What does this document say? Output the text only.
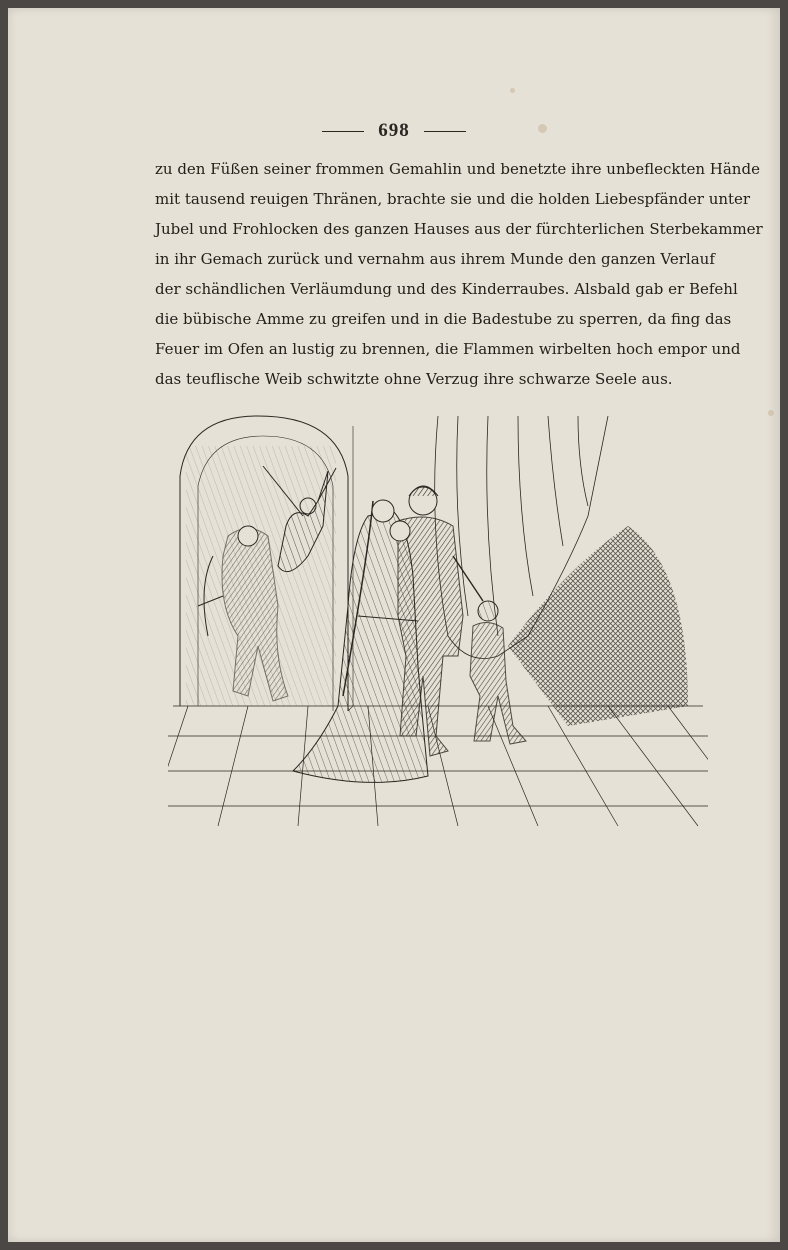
698
zu den Füßen seiner frommen Gemahlin und benetzte ihre unbefleckten Hände
mit tausend reuigen Thränen, brachte sie und die holden Liebespfänder unter
Jubel und Frohlocken des ganzen Hauses aus der fürchterlichen Sterbekammer
in ihr Gemach zurück und vernahm aus ihrem Munde den ganzen Verlauf
der schändlichen Verläumdung und des Kinderraubes. Alsbald gab er Befehl
die bübische Amme zu greifen und in die Badestube zu sperren, da fing das
Feuer im Ofen an lustig zu brennen, die Flammen wirbelten hoch empor und
das teuflische Weib schwitzte ohne Verzug ihre schwarze Seele aus.
